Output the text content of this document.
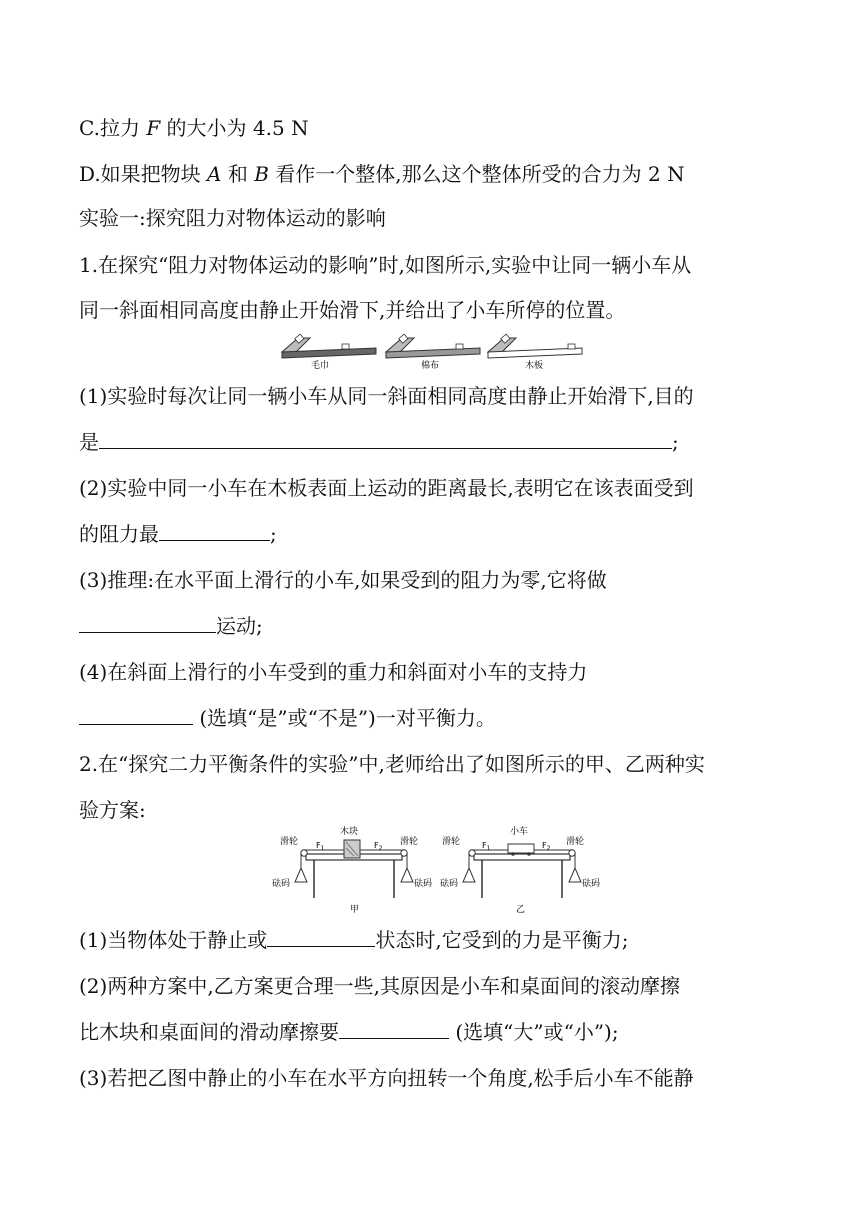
C.拉力 F 的大小为 4.5 N
D.如果把物块 A 和 B 看作一个整体,那么这个整体所受的合力为 2 N
实验一:探究阻力对物体运动的影响
1.在探究“阻力对物体运动的影响”时,如图所示,实验中让同一辆小车从
同一斜面相同高度由静止开始滑下,并给出了小车所停的位置。
毛巾	棉布	木板
(1)实验时每次让同一辆小车从同一斜面相同高度由静止开始滑下,目的
是	;
(2)实验中同一小车在木板表面上运动的距离最长,表明它在该表面受到
的阻力最	;
(3)推理:在水平面上滑行的小车,如果受到的阻力为零,它将做
运动;
(4)在斜面上滑行的小车受到的重力和斜面对小车的支持力
(选填“是”或“不是”)一对平衡力。
2.在“探究二力平衡条件的实验”中,老师给出了如图所示的甲、乙两种实
验方案:
滑轮 $F_1$
木块
$F_2$
滑轮
砝码	砝码
甲
滑轮	$F_1$
小车
$F_2$
滑轮
砝码	砝码
乙
(1)当物体处于静止或	状态时,它受到的力是平衡力;
(2)两种方案中,乙方案更合理一些,其原因是小车和桌面间的滚动摩擦
比木块和桌面间的滑动摩擦要	(选填“大”或“小”);
(3)若把乙图中静止的小车在水平方向扭转一个角度,松手后小车不能静
